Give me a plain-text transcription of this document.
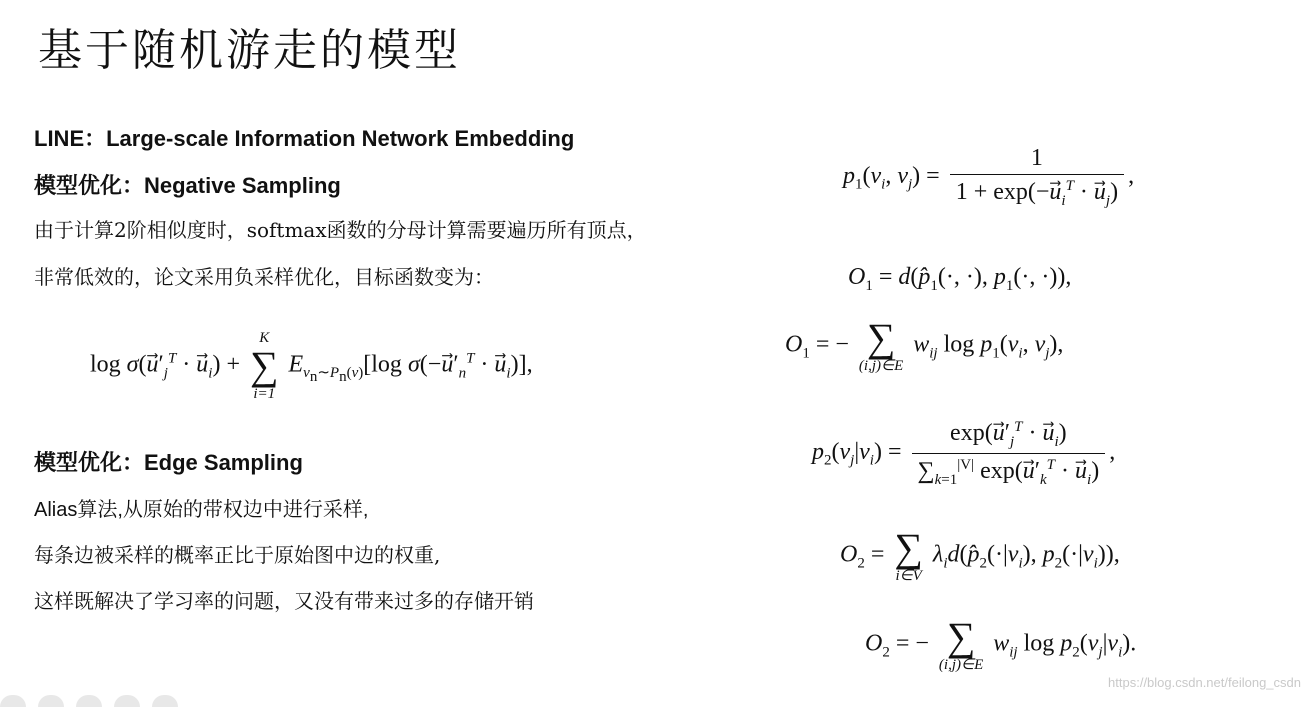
基于随机游走的模型
LINE：Large-scale Information Network Embedding
模型优化：Negative Sampling
由于计算2阶相似度时，softmax函数的分母计算需要遍历所有顶点，
非常低效的，论文采用负采样优化，目标函数变为：
$\log \sigma(u⃗'_j^T \cdot u_i)$ +
K
∑
i=1
$E_{v_n\sim P_n(v)}[\log$ $\sigma(-u⃗'_n^T \cdot u_i)$],
模型优化：Edge Sampling
Alias算法,从原始的带权边中进行采样,
每条边被采样的概率正比于原始图中边的权重,
这样既解决了学习率的问题，又没有带来过多的存储开销
$p_1(v_i$, $v_j) = \frac{1}{1 + \exp(-u_i^T \cdot u_j)}$ ,
$O_1$ = $d(p̂_1(\cdot$, ·), $p_1(\cdot$, ·)),
$O_1$ = − ∑
(i,j)∈E
$w_{ij}$ $\log p_1(v_i$, $v_j$),
$p_2(v_j|v_i) = \frac{\exp(u⃗'_j^T \cdot u_i)}{\sum_{k=1}^{|V|} \exp(u⃗'_k^T \cdot u_i)}$ ,
$O_2$ = ∑
i∈V
$\lambda_id(p̂_2(\cdot|v_i)$, $p_2(\cdot|v_i)$),
$O_2$ = − ∑
(i,j)∈E
$w_{ij}$ $\log p_2(v_j|v_i)$.
https://blog.csdn.net/feilong_csdn
